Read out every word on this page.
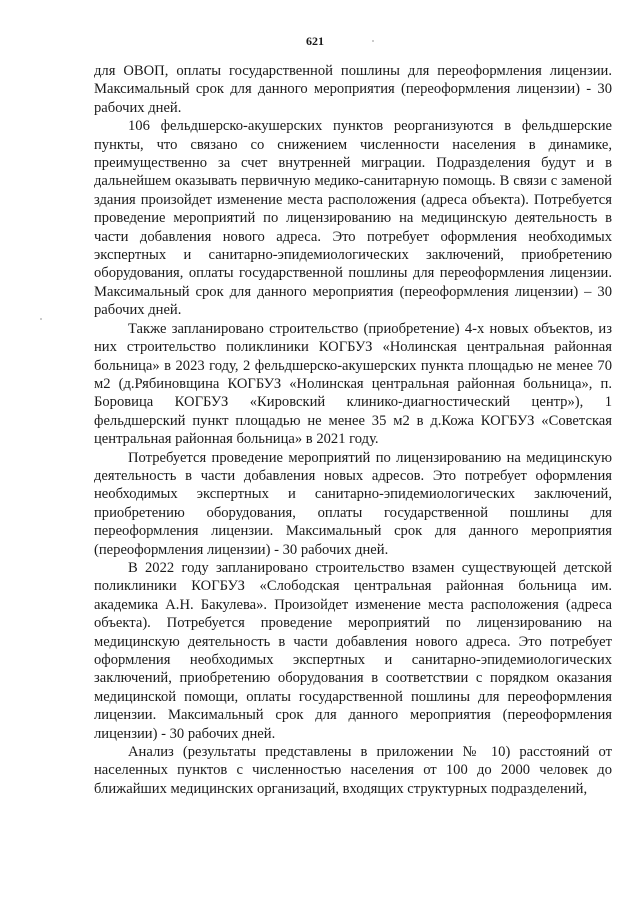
621

для ОВОП, оплаты государственной пошлины для переоформления лицензии. Максимальный срок для данного мероприятия (переоформления лицензии) - 30 рабочих дней.

106 фельдшерско-акушерских пунктов реорганизуются в фельдшерские пункты, что связано со снижением численности населения в динамике, преимущественно за счет внутренней миграции. Подразделения будут и в дальнейшем оказывать первичную медико-санитарную помощь. В связи с заменой здания произойдет изменение места расположения (адреса объекта). Потребуется проведение мероприятий по лицензированию на медицинскую деятельность в части добавления нового адреса. Это потребует оформления необходимых экспертных и санитарно-эпидемиологических заключений, приобретению оборудования, оплаты государственной пошлины для переоформления лицензии. Максимальный срок для данного мероприятия (переоформления лицензии) – 30 рабочих дней.

Также запланировано строительство (приобретение) 4-х новых объектов, из них строительство поликлиники КОГБУЗ «Нолинская центральная районная больница» в 2023 году, 2 фельдшерско-акушерских пункта площадью не менее 70 м2 (д.Рябиновщина КОГБУЗ «Нолинская центральная районная больница», п. Боровица КОГБУЗ «Кировский клинико-диагностический центр»), 1 фельдшерский пункт площадью не менее 35 м2 в д.Кожа КОГБУЗ «Советская центральная районная больница» в 2021 году.

Потребуется проведение мероприятий по лицензированию на медицинскую деятельность в части добавления новых адресов. Это потребует оформления необходимых экспертных и санитарно-эпидемиологических заключений, приобретению оборудования, оплаты государственной пошлины для переоформления лицензии. Максимальный срок для данного мероприятия (переоформления лицензии) - 30 рабочих дней.

В 2022 году запланировано строительство взамен существующей детской поликлиники КОГБУЗ «Слободская центральная районная больница им. академика А.Н. Бакулева». Произойдет изменение места расположения (адреса объекта). Потребуется проведение мероприятий по лицензированию на медицинскую деятельность в части добавления нового адреса. Это потребует оформления необходимых экспертных и санитарно-эпидемиологических заключений, приобретению оборудования в соответствии с порядком оказания медицинской помощи, оплаты государственной пошлины для переоформления лицензии. Максимальный срок для данного мероприятия (переоформления лицензии) - 30 рабочих дней.

Анализ (результаты представлены в приложении № 10) расстояний от населенных пунктов с численностью населения от 100 до 2000 человек до ближайших медицинских организаций, входящих структурных подразделений,
